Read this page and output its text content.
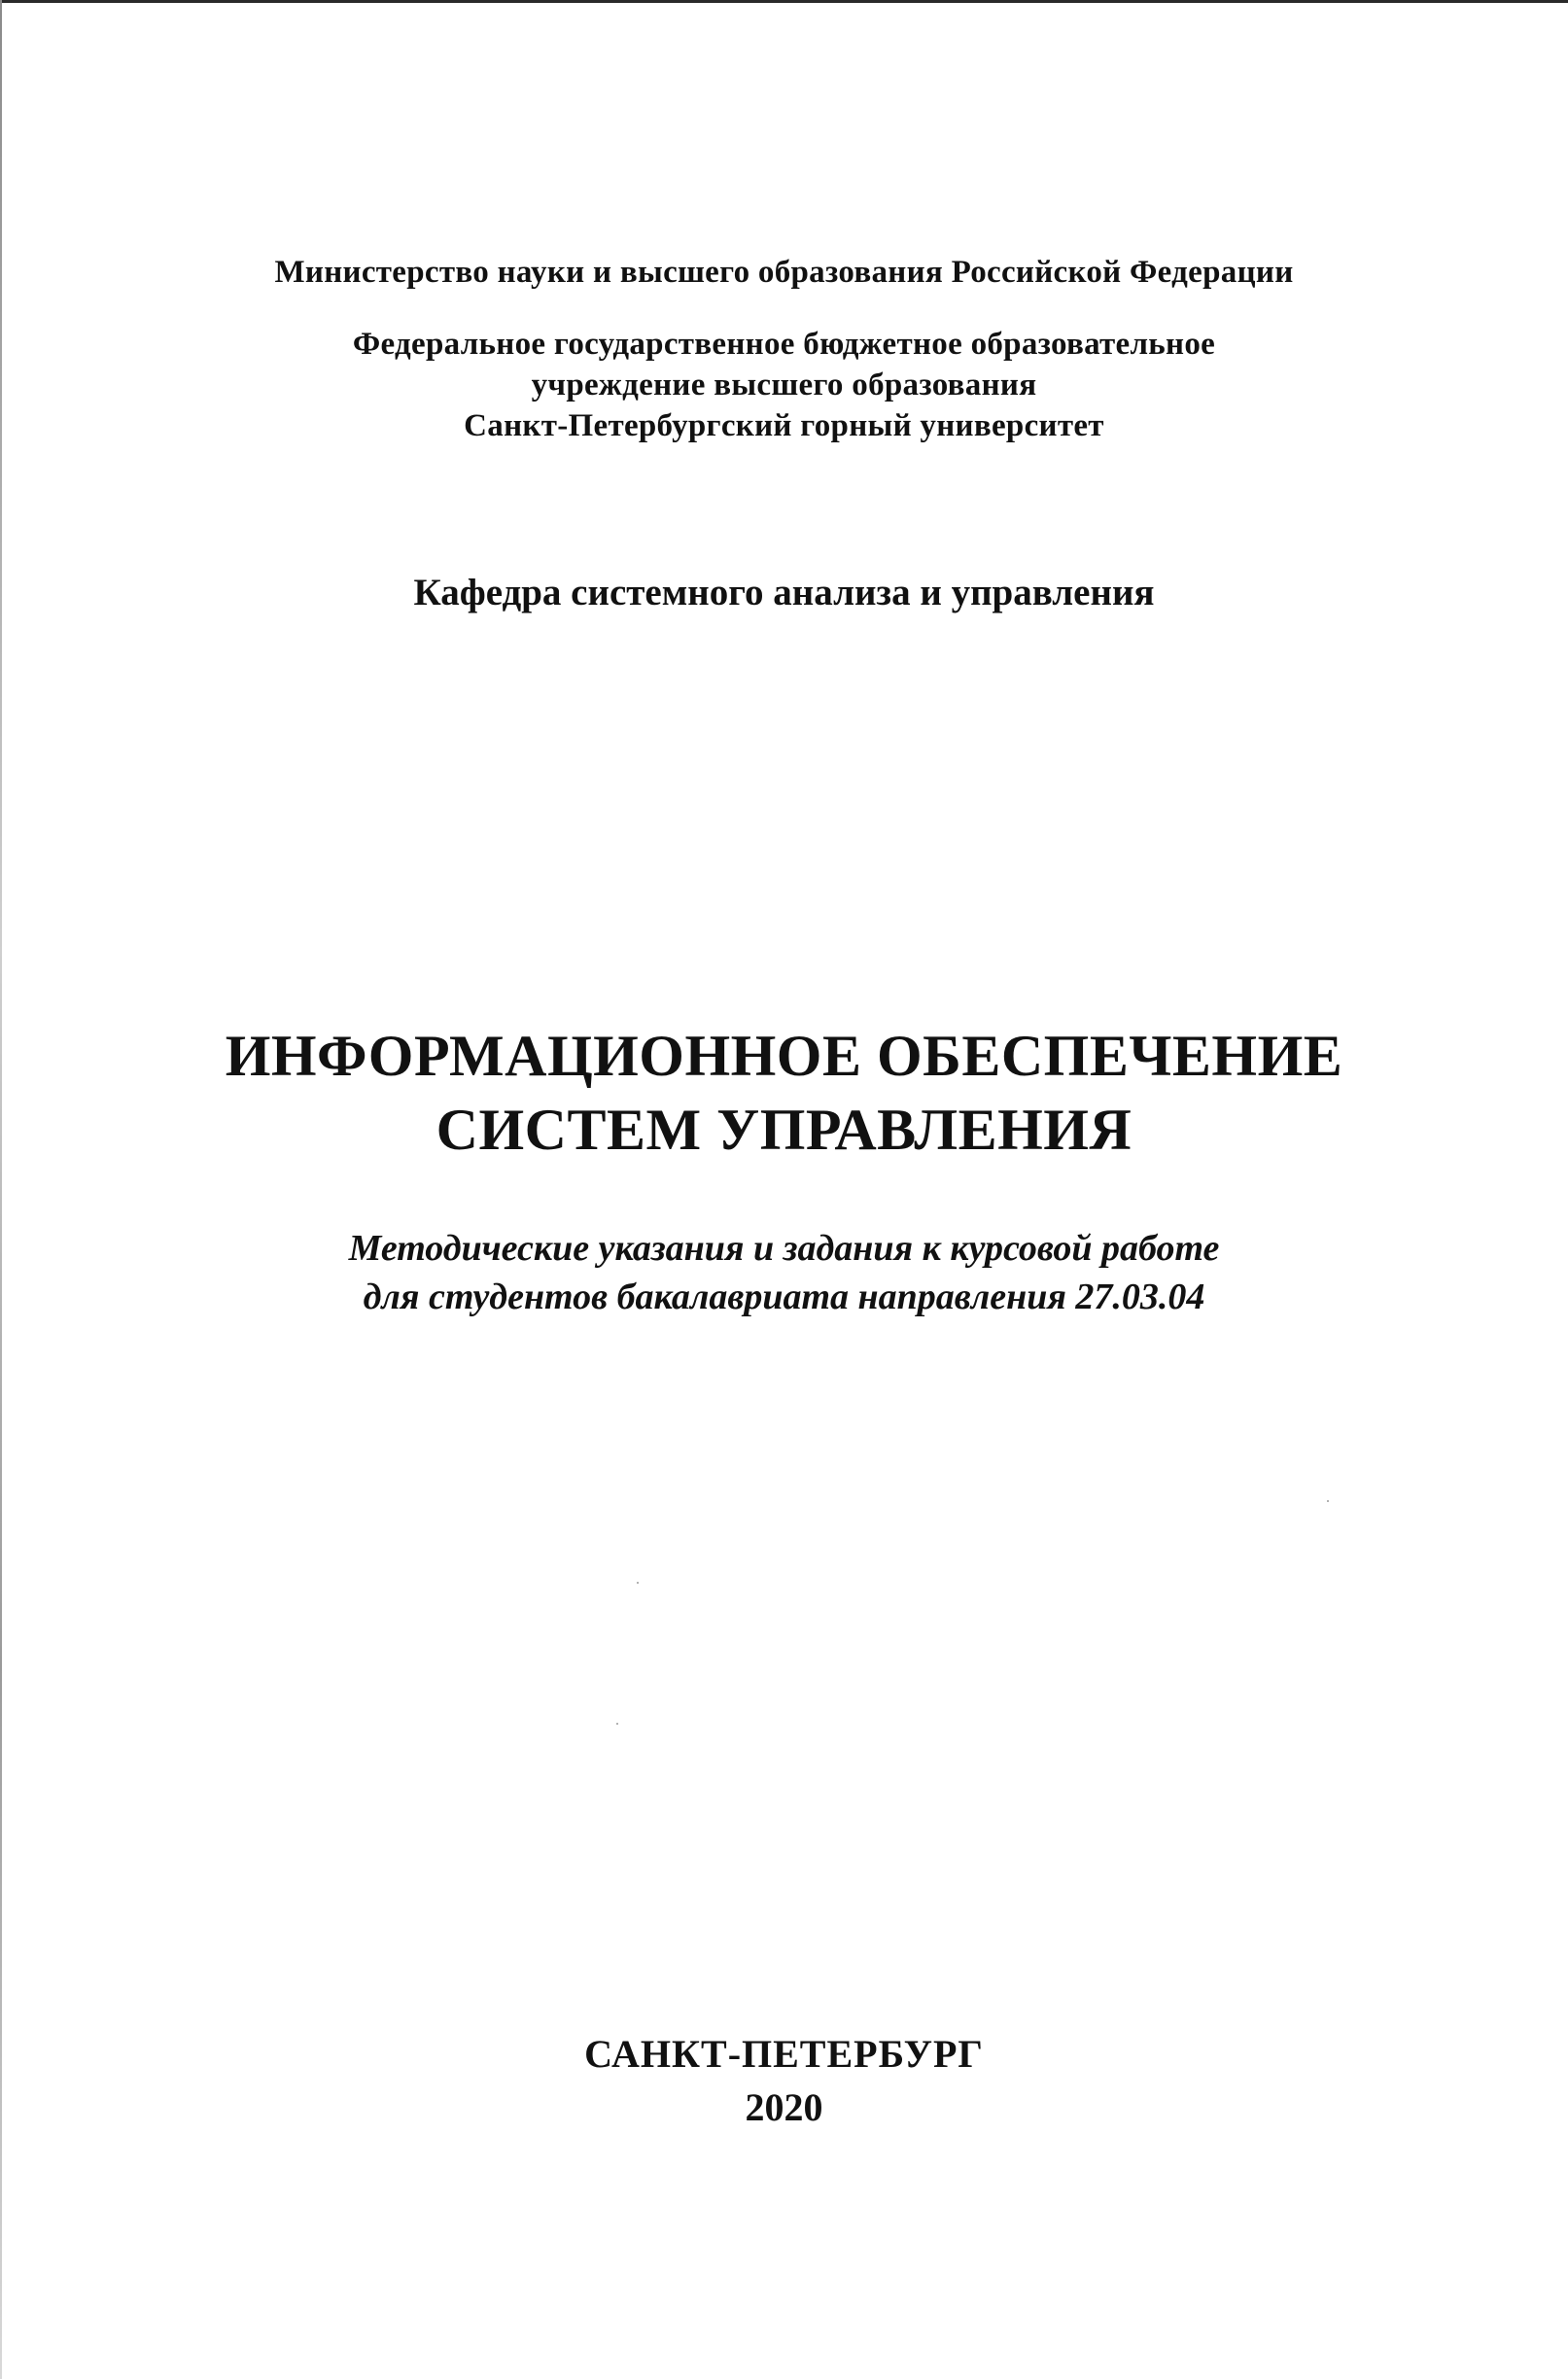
Министерство науки и высшего образования Российской Федерации
Федеральное государственное бюджетное образовательное
учреждение высшего образования
Санкт-Петербургский горный университет
Кафедра системного анализа и управления
ИНФОРМАЦИОННОЕ ОБЕСПЕЧЕНИЕ
СИСТЕМ УПРАВЛЕНИЯ
Методические указания и задания к курсовой работе
для студентов бакалавриата направления 27.03.04
САНКТ-ПЕТЕРБУРГ
2020
